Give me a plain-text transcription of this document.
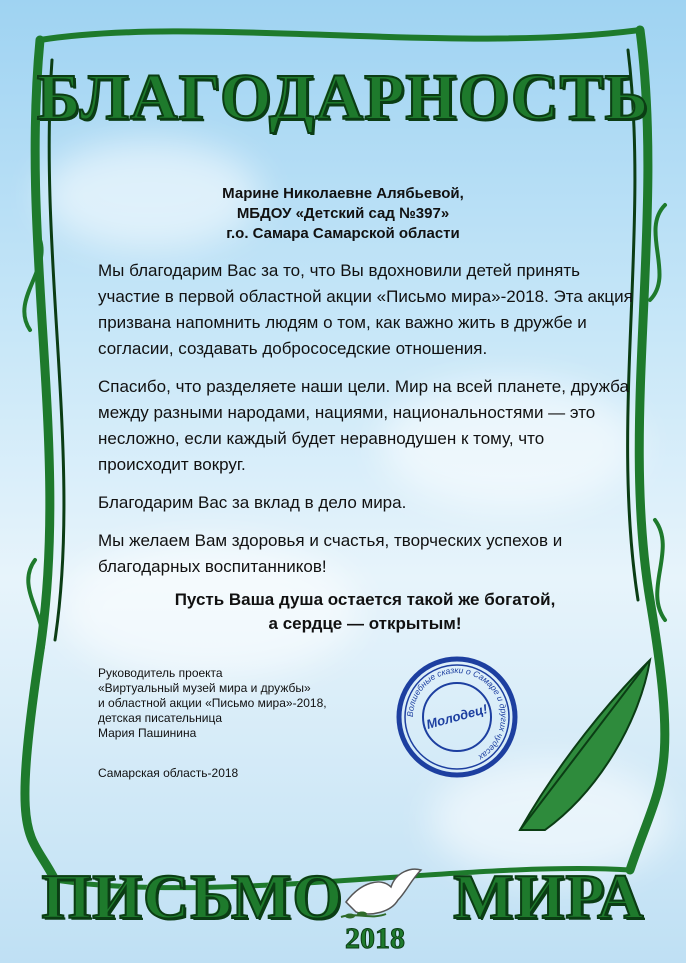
БЛАГОДАРНОСТЬ
Марине Николаевне Алябьевой,
МБДОУ «Детский сад №397»
г.о. Самара Самарской области

Мы благодарим Вас за то, что Вы вдохновили детей принять участие в первой областной акции «Письмо мира»-2018. Эта акция призвана напомнить людям о том, как важно жить в дружбе и согласии, создавать добрососедские отношения.

Спасибо, что разделяете наши цели. Мир на всей планете, дружба между разными народами, нациями, национальностями — это несложно, если каждый будет неравнодушен к тому, что происходит вокруг.

Благодарим Вас за вклад в дело мира.

Мы желаем Вам здоровья и счастья, творческих успехов и благодарных воспитанников!

Пусть Ваша душа остается такой же богатой,
а сердце — открытым!
Руководитель проекта
«Виртуальный музей мира и дружбы»
и областной акции «Письмо мира»-2018,
детская писательница
Мария Пашинина
Самарская область-2018
Волшебные сказки о Самаре и других чудесах
Молодец!
ПИСЬМО МИРА
2018
